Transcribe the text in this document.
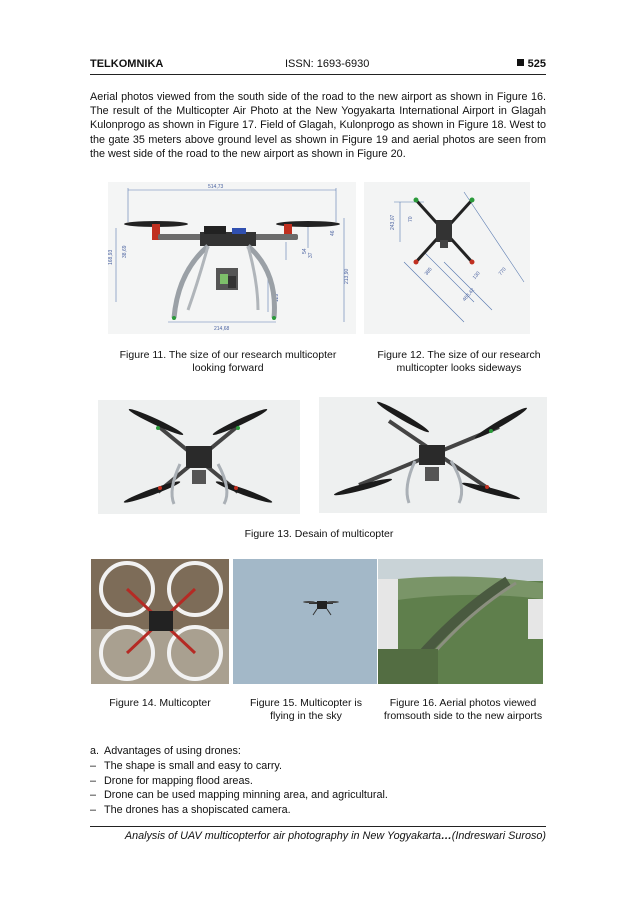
TELKOMNIKA	ISSN: 1693-6930	525
Aerial photos viewed from the south side of the road to the new airport as shown in Figure 16. The result of the Multicopter Air Photo at the New Yogyakarta International Airport in Glagah Kulonprogo as shown in Figure 17. Field of Glagah, Kulonprogo as shown in Figure 18. West to the gate 35 meters above ground level as shown in Figure 19 and aerial photos are seen from the west side of the road to the new airport as shown in Figure 20.
514,73
214,68
168,93 38,69
46
54
37
129
213,90
243,07 70
385	130
463,42
770
Figure 11. The size of our research multicopter
looking forward
Figure 12. The size of our research
multicopter looks sideways
Figure 13. Desain of multicopter
Figure 14. Multicopter	Figure 15. Multicopter is
flying in the sky
Figure 16. Aerial photos viewed
fromsouth side to the new airports
a. Advantages of using drones:
– The shape is small and easy to carry.
– Drone for mapping flood areas.
– Drone can be used mapping minning area, and agricultural.
– The drones has a shopiscated camera.
Analysis of UAV multicopterfor air photography in New Yogyakarta…(Indreswari Suroso)
